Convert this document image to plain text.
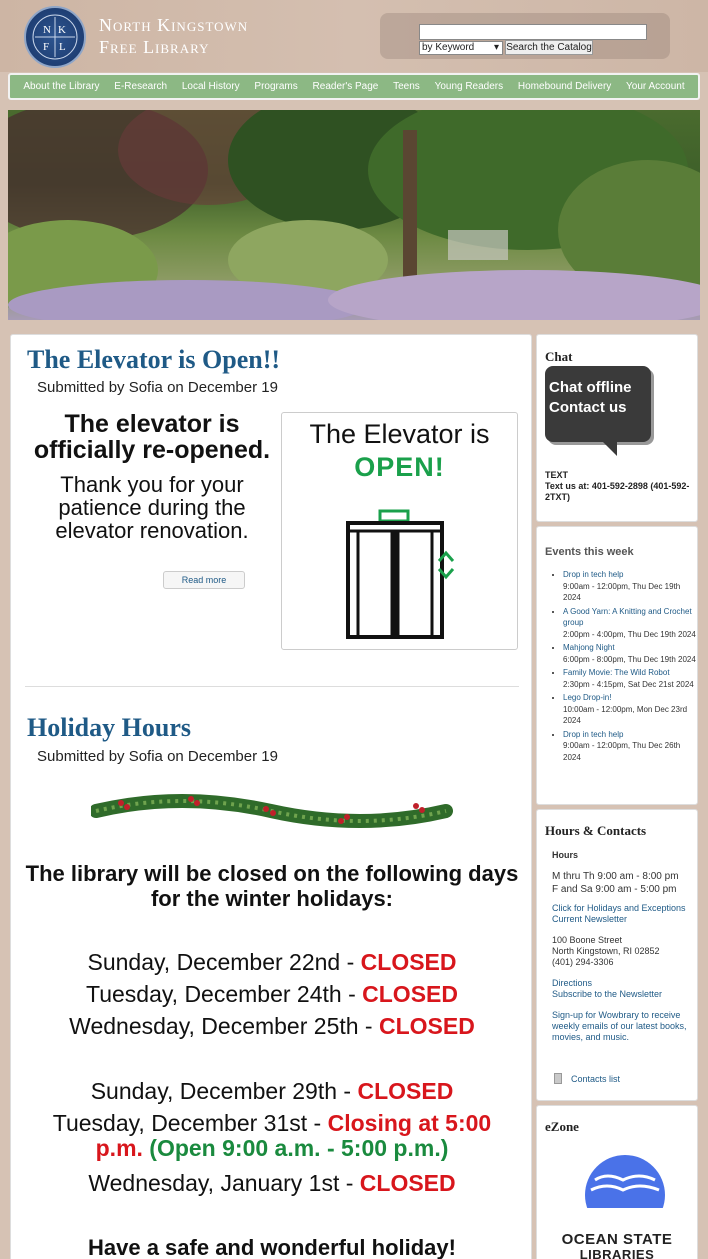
N K
F L
North Kingstown
Free Library	by Keyword ▾	Search the Catalog
About the Library E-Research Local History Programs Reader's Page Teens Young Readers Homebound Delivery Your Account
The Elevator is Open!!
Submitted by Sofia on December 19
The elevator is officially re-opened.
Thank you for your patience during the elevator renovation.
Read more
The Elevator is
OPEN!
Holiday Hours
Submitted by Sofia on December 19
The library will be closed on the following days for the winter holidays:
Sunday, December 22nd - CLOSED
Tuesday, December 24th - CLOSED
Wednesday, December 25th - CLOSED
Sunday, December 29th - CLOSED
Tuesday, December 31st - Closing at 5:00 p.m. (Open 9:00 a.m. - 5:00 p.m.)
Wednesday, January 1st - CLOSED
Have a safe and wonderful holiday!
Chat
Chat offline
Contact us
TEXT
Text us at: 401-592-2898 (401-592-2TXT)
Events this week
• Drop in tech help
9:00am - 12:00pm, Thu Dec 19th 2024
• A Good Yarn: A Knitting and Crochet group
2:00pm - 4:00pm, Thu Dec 19th 2024
• Mahjong Night
6:00pm - 8:00pm, Thu Dec 19th 2024
• Family Movie: The Wild Robot
2:30pm - 4:15pm, Sat Dec 21st 2024
• Lego Drop-in!
10:00am - 12:00pm, Mon Dec 23rd 2024
• Drop in tech help
9:00am - 12:00pm, Thu Dec 26th 2024
Hours & Contacts
Hours
M thru Th 9:00 am - 8:00 pm
F and Sa 9:00 am - 5:00 pm
Click for Holidays and Exceptions
Current Newsletter
100 Boone Street
North Kingstown, RI 02852
(401) 294-3306
Directions
Subscribe to the Newsletter
Sign-up for Wowbrary to receive weekly emails of our latest books, movies, and music.
Contacts list
eZone
OCEAN STATE
LIBRARIES
